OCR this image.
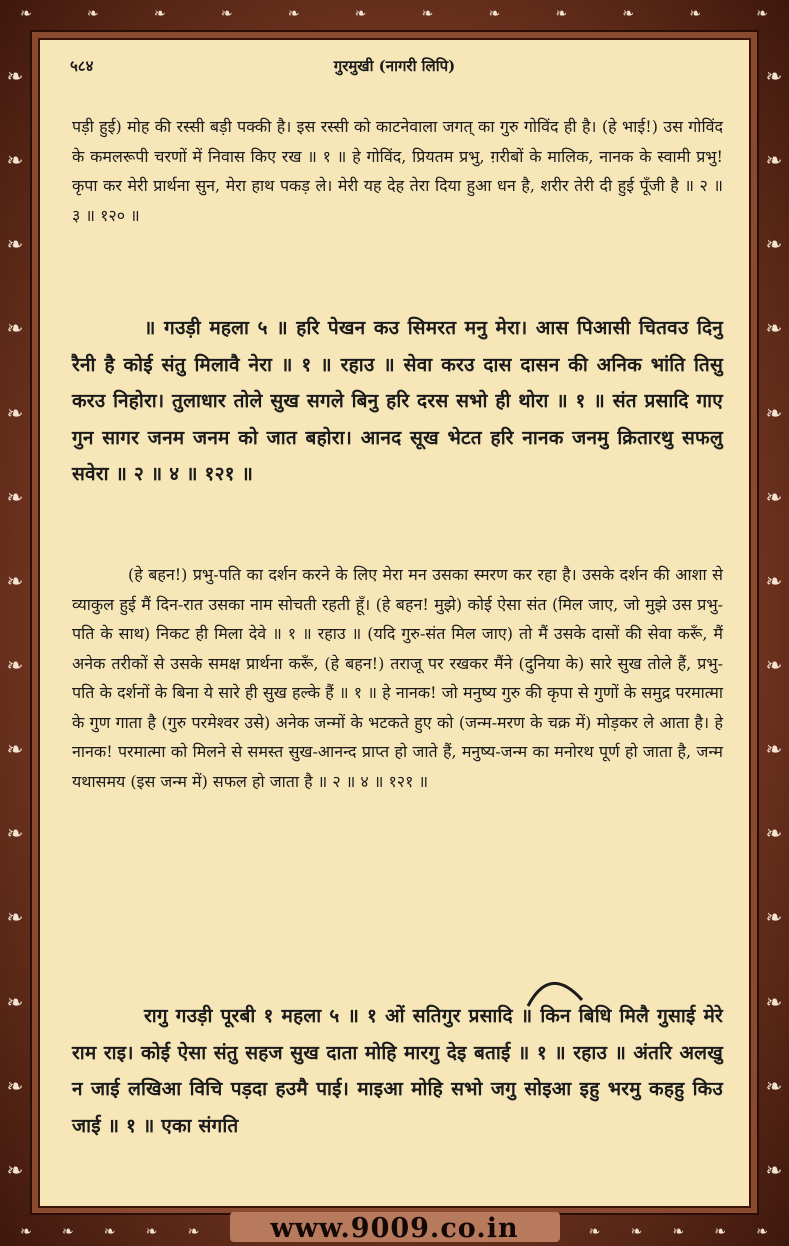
❧	❧	❧	❧	❧	❧	❧	❧	❧	❧	❧	❧
❧ ❧ ❧ ❧ ❧	❧ ❧ ❧ ❧ ❧
❧
❧
❧
❧
❧
❧
❧
❧
❧
❧
❧
❧
❧
❧
❧
❧
❧
❧
❧
❧
❧
❧
❧
❧
❧
❧
❧
❧
५८४	गुरमुखी (नागरी लिपि)
पड़ी हुई) मोह की रस्सी बड़ी पक्की है। इस रस्सी को काटनेवाला जगत् का गुरु गोविंद ही है। (हे भाई!) उस गोविंद के कमलरूपी चरणों में निवास किए रख ॥ १ ॥ हे गोविंद, प्रियतम प्रभु, ग़रीबों के मालिक, नानक के स्वामी प्रभु! कृपा कर मेरी प्रार्थना सुन, मेरा हाथ पकड़ ले। मेरी यह देह तेरा दिया हुआ धन है, शरीर तेरी दी हुई पूँजी है ॥ २ ॥ ३ ॥ १२० ॥
॥ गउड़ी महला ५ ॥ हरि पेखन कउ सिमरत मनु मेरा। आस पिआसी चितवउ दिनु रैनी है कोई संतु मिलावै नेरा ॥ १ ॥ रहाउ ॥ सेवा करउ दास दासन की अनिक भांति तिसु करउ निहोरा। तुलाधार तोले सुख सगले बिनु हरि दरस सभो ही थोरा ॥ १ ॥ संत प्रसादि गाए गुन सागर जनम जनम को जात बहोरा। आनद सूख भेटत हरि नानक जनमु क्रितारथु सफलु सवेरा ॥ २ ॥ ४ ॥ १२१ ॥
(हे बहन!) प्रभु-पति का दर्शन करने के लिए मेरा मन उसका स्मरण कर रहा है। उसके दर्शन की आशा से व्याकुल हुई मैं दिन-रात उसका नाम सोचती रहती हूँ। (हे बहन! मुझे) कोई ऐसा संत (मिल जाए, जो मुझे उस प्रभु-पति के साथ) निकट ही मिला देवे ॥ १ ॥ रहाउ ॥ (यदि गुरु-संत मिल जाए) तो मैं उसके दासों की सेवा करूँ, मैं अनेक तरीकों से उसके समक्ष प्रार्थना करूँ, (हे बहन!) तराजू पर रखकर मैंने (दुनिया के) सारे सुख तोले हैं, प्रभु-पति के दर्शनों के बिना ये सारे ही सुख हल्के हैं ॥ १ ॥ हे नानक! जो मनुष्य गुरु की कृपा से गुणों के समुद्र परमात्मा के गुण गाता है (गुरु परमेश्वर उसे) अनेक जन्मों के भटकते हुए को (जन्म-मरण के चक्र में) मोड़कर ले आता है। हे नानक! परमात्मा को मिलने से समस्त सुख-आनन्द प्राप्त हो जाते हैं, मनुष्य-जन्म का मनोरथ पूर्ण हो जाता है, जन्म यथासमय (इस जन्म में) सफल हो जाता है ॥ २ ॥ ४ ॥ १२१ ॥
रागु गउड़ी पूरबी १ महला ५ ॥ १ ओं सतिगुर प्रसादि ॥ किन बिधि मिलै गुसाई मेरे राम राइ। कोई ऐसा संतु सहज सुख दाता मोहि मारगु देइ बताई ॥ १ ॥ रहाउ ॥ अंतरि अलखु न जाई लखिआ विचि पड़दा हउमै पाई। माइआ मोहि सभो जगु सोइआ इहु भरमु कहहु किउ जाई ॥ १ ॥ एका संगति
www.9009.co.in
